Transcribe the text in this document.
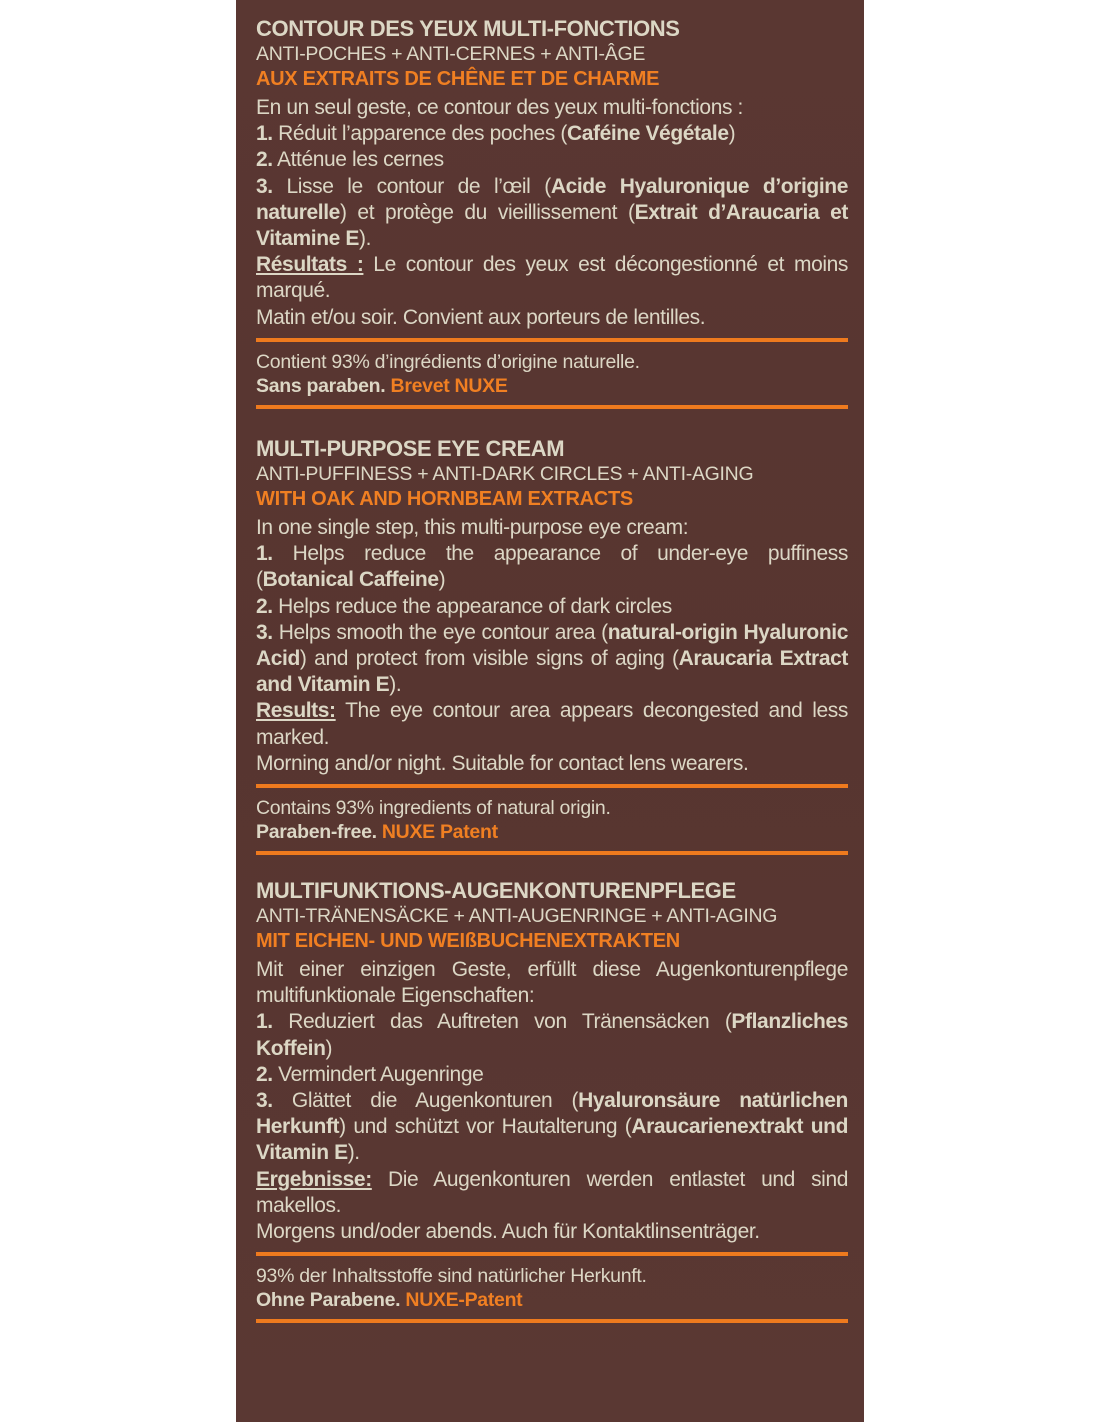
CONTOUR DES YEUX MULTI-FONCTIONS
ANTI-POCHES + ANTI-CERNES + ANTI-ÂGE
AUX EXTRAITS DE CHÊNE ET DE CHARME

En un seul geste, ce contour des yeux multi-fonctions :

1. Réduit l’apparence des poches (Caféine Végétale)

2. Atténue les cernes

3. Lisse le contour de l’œil (Acide Hyaluronique d’origine naturelle) et protège du vieillissement (Extrait d’Araucaria et Vitamine E).

Résultats : Le contour des yeux est décongestionné et moins marqué.

Matin et/ou soir. Convient aux porteurs de lentilles.

Contient 93% d’ingrédients d’origine naturelle.
Sans paraben. Brevet NUXE
MULTI-PURPOSE EYE CREAM
ANTI-PUFFINESS + ANTI-DARK CIRCLES + ANTI-AGING
WITH OAK AND HORNBEAM EXTRACTS

In one single step, this multi-purpose eye cream:

1. Helps reduce the appearance of under-eye puffiness (Botanical Caffeine)

2. Helps reduce the appearance of dark circles

3. Helps smooth the eye contour area (natural-origin Hyaluronic Acid) and protect from visible signs of aging (Araucaria Extract and Vitamin E).

Results: The eye contour area appears decongested and less marked.

Morning and/or night. Suitable for contact lens wearers.

Contains 93% ingredients of natural origin.
Paraben-free. NUXE Patent
MULTIFUNKTIONS-AUGENKONTURENPFLEGE
ANTI-TRÄNENSÄCKE + ANTI-AUGENRINGE + ANTI-AGING
MIT EICHEN- UND WEIßBUCHENEXTRAKTEN

Mit einer einzigen Geste, erfüllt diese Augenkonturenpflege multifunktionale Eigenschaften:

1. Reduziert das Auftreten von Tränensäcken (Pflanzliches Koffein)

2. Vermindert Augenringe

3. Glättet die Augenkonturen (Hyaluronsäure natürlichen Herkunft) und schützt vor Hautalterung (Araucarienextrakt und Vitamin E).

Ergebnisse: Die Augenkonturen werden entlastet und sind makellos.

Morgens und/oder abends. Auch für Kontaktlinsenträger.

93% der Inhaltsstoffe sind natürlicher Herkunft.
Ohne Parabene. NUXE-Patent
